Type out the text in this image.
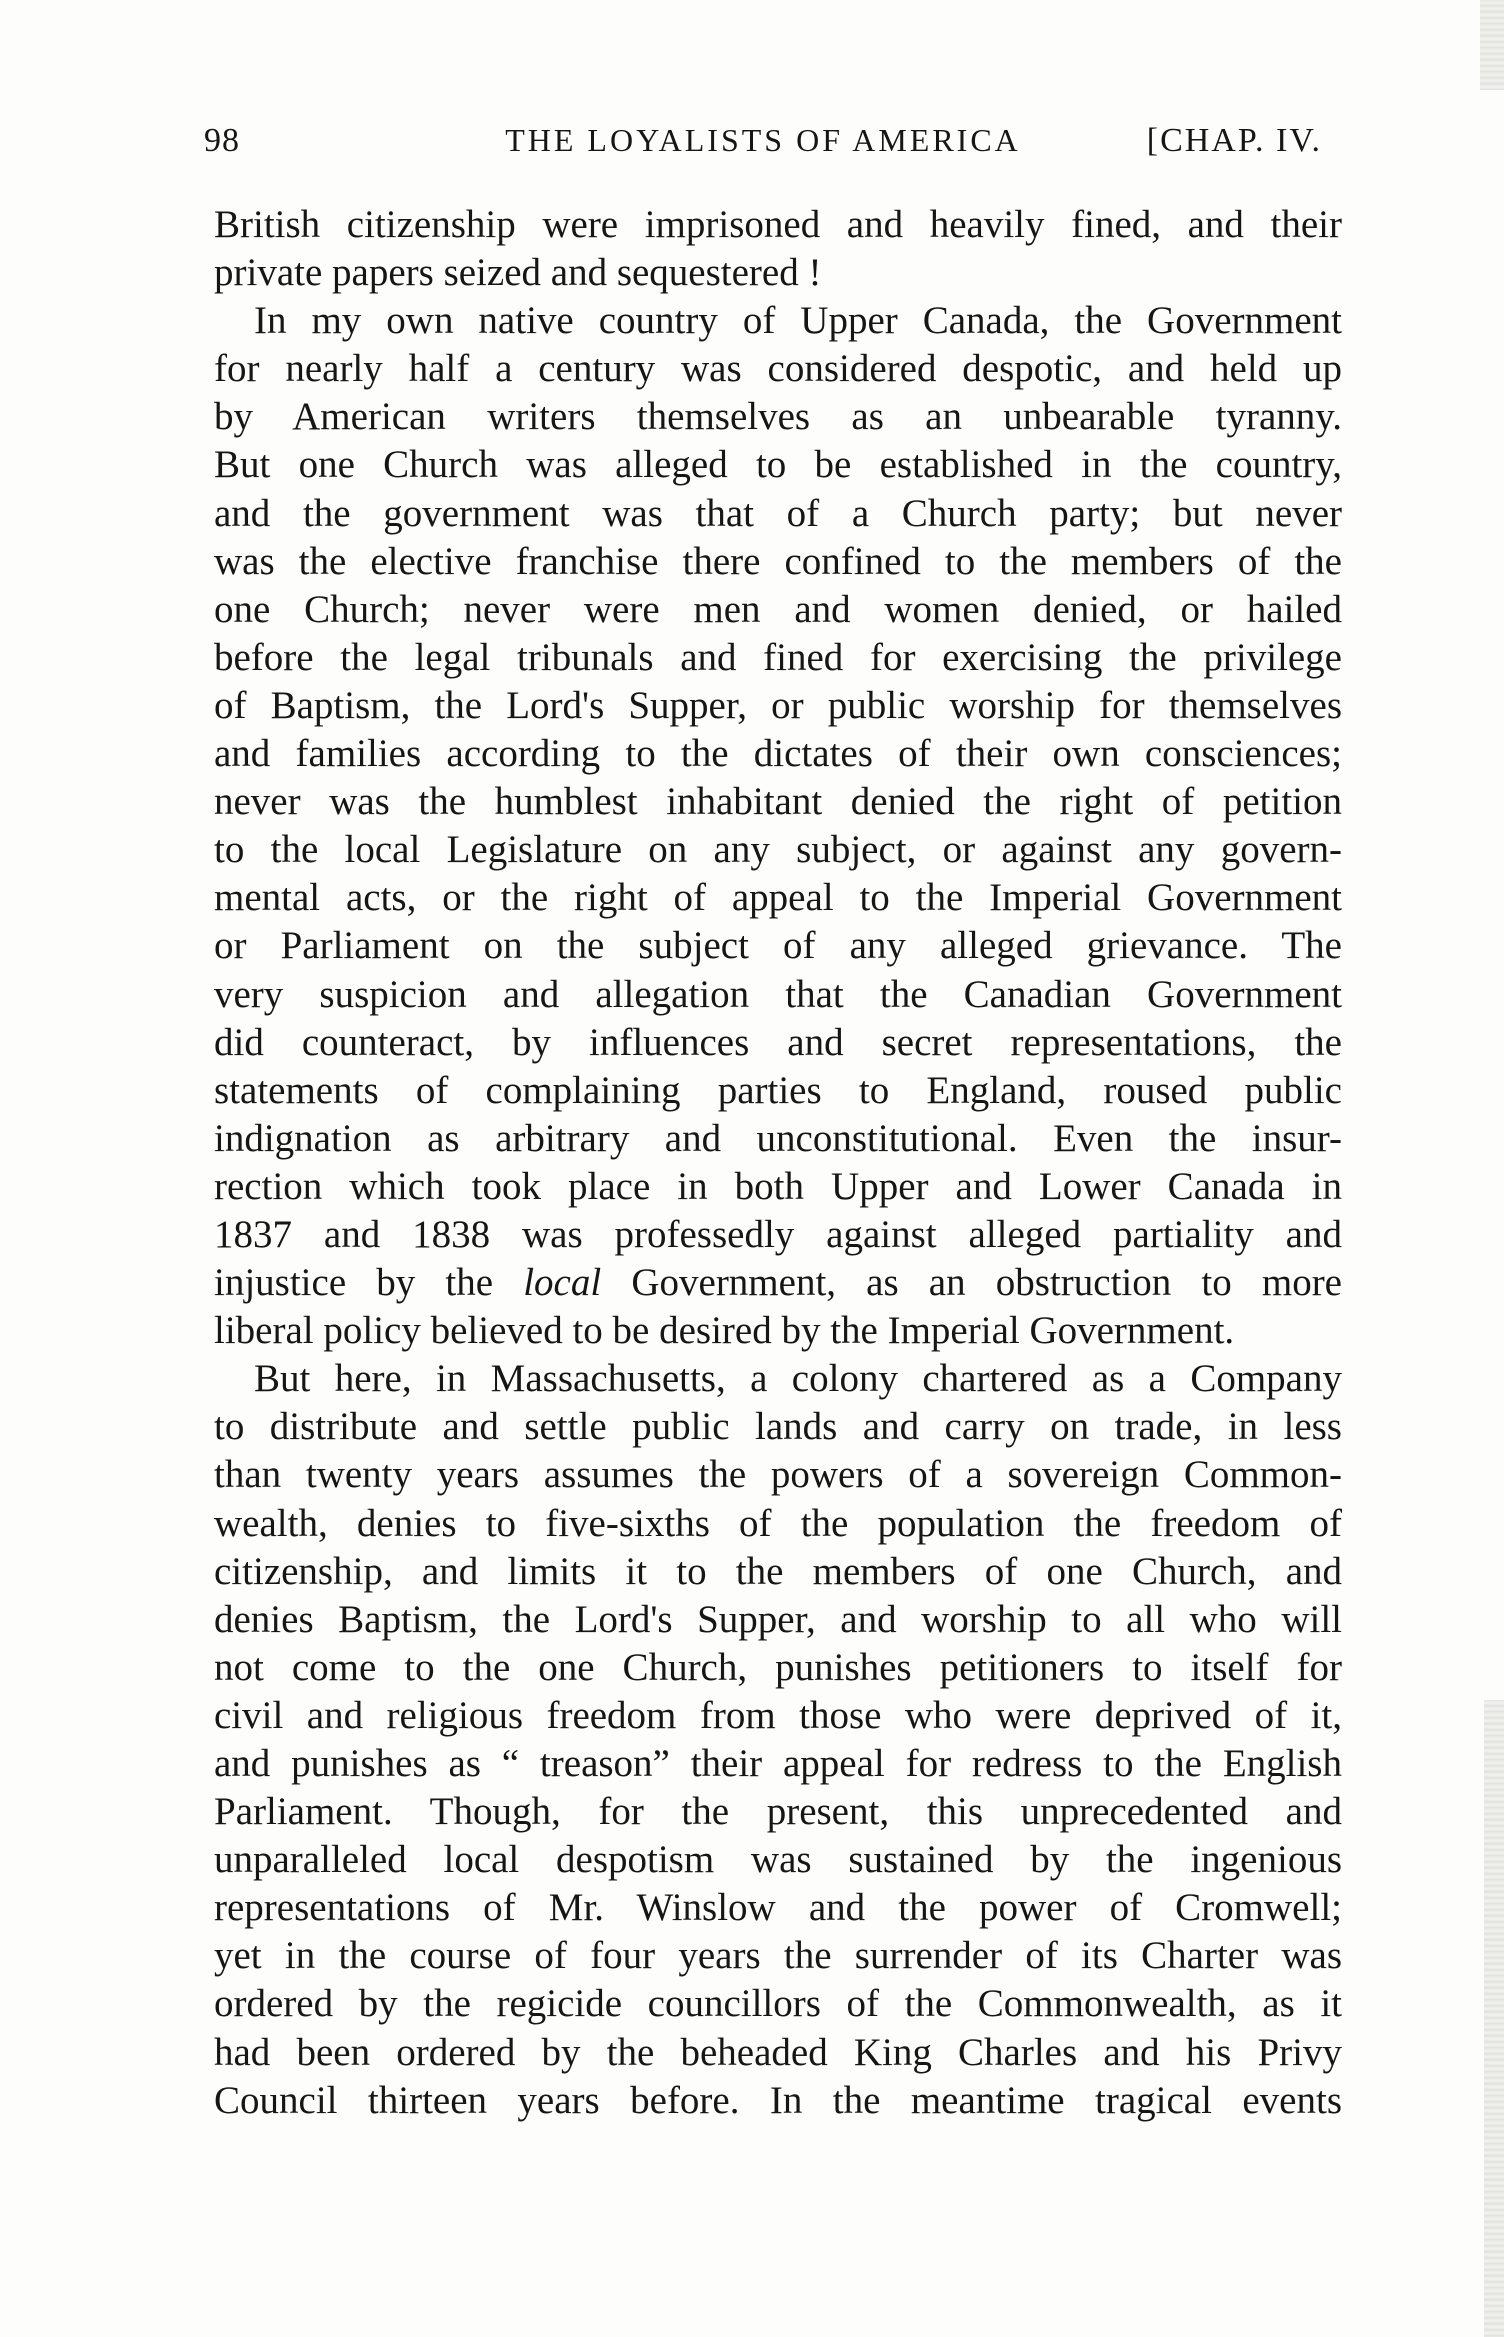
98	THE LOYALISTS OF AMERICA	[CHAP. IV.
British citizenship were imprisoned and heavily fined, and their
private papers seized and sequestered !
In my own native country of Upper Canada, the Government
for nearly half a century was considered despotic, and held up
by American writers themselves as an unbearable tyranny.
But one Church was alleged to be established in the country,
and the government was that of a Church party; but never
was the elective franchise there confined to the members of the
one Church; never were men and women denied, or hailed
before the legal tribunals and fined for exercising the privilege
of Baptism, the Lord's Supper, or public worship for themselves
and families according to the dictates of their own consciences;
never was the humblest inhabitant denied the right of petition
to the local Legislature on any subject, or against any govern-
mental acts, or the right of appeal to the Imperial Government
or Parliament on the subject of any alleged grievance. The
very suspicion and allegation that the Canadian Government
did counteract, by influences and secret representations, the
statements of complaining parties to England, roused public
indignation as arbitrary and unconstitutional. Even the insur-
rection which took place in both Upper and Lower Canada in
1837 and 1838 was professedly against alleged partiality and
injustice by the local Government, as an obstruction to more
liberal policy believed to be desired by the Imperial Government.
But here, in Massachusetts, a colony chartered as a Company
to distribute and settle public lands and carry on trade, in less
than twenty years assumes the powers of a sovereign Common-
wealth, denies to five-sixths of the population the freedom of
citizenship, and limits it to the members of one Church, and
denies Baptism, the Lord's Supper, and worship to all who will
not come to the one Church, punishes petitioners to itself for
civil and religious freedom from those who were deprived of it,
and punishes as “ treason” their appeal for redress to the English
Parliament. Though, for the present, this unprecedented and
unparalleled local despotism was sustained by the ingenious
representations of Mr. Winslow and the power of Cromwell;
yet in the course of four years the surrender of its Charter was
ordered by the regicide councillors of the Commonwealth, as it
had been ordered by the beheaded King Charles and his Privy
Council thirteen years before. In the meantime tragical events
